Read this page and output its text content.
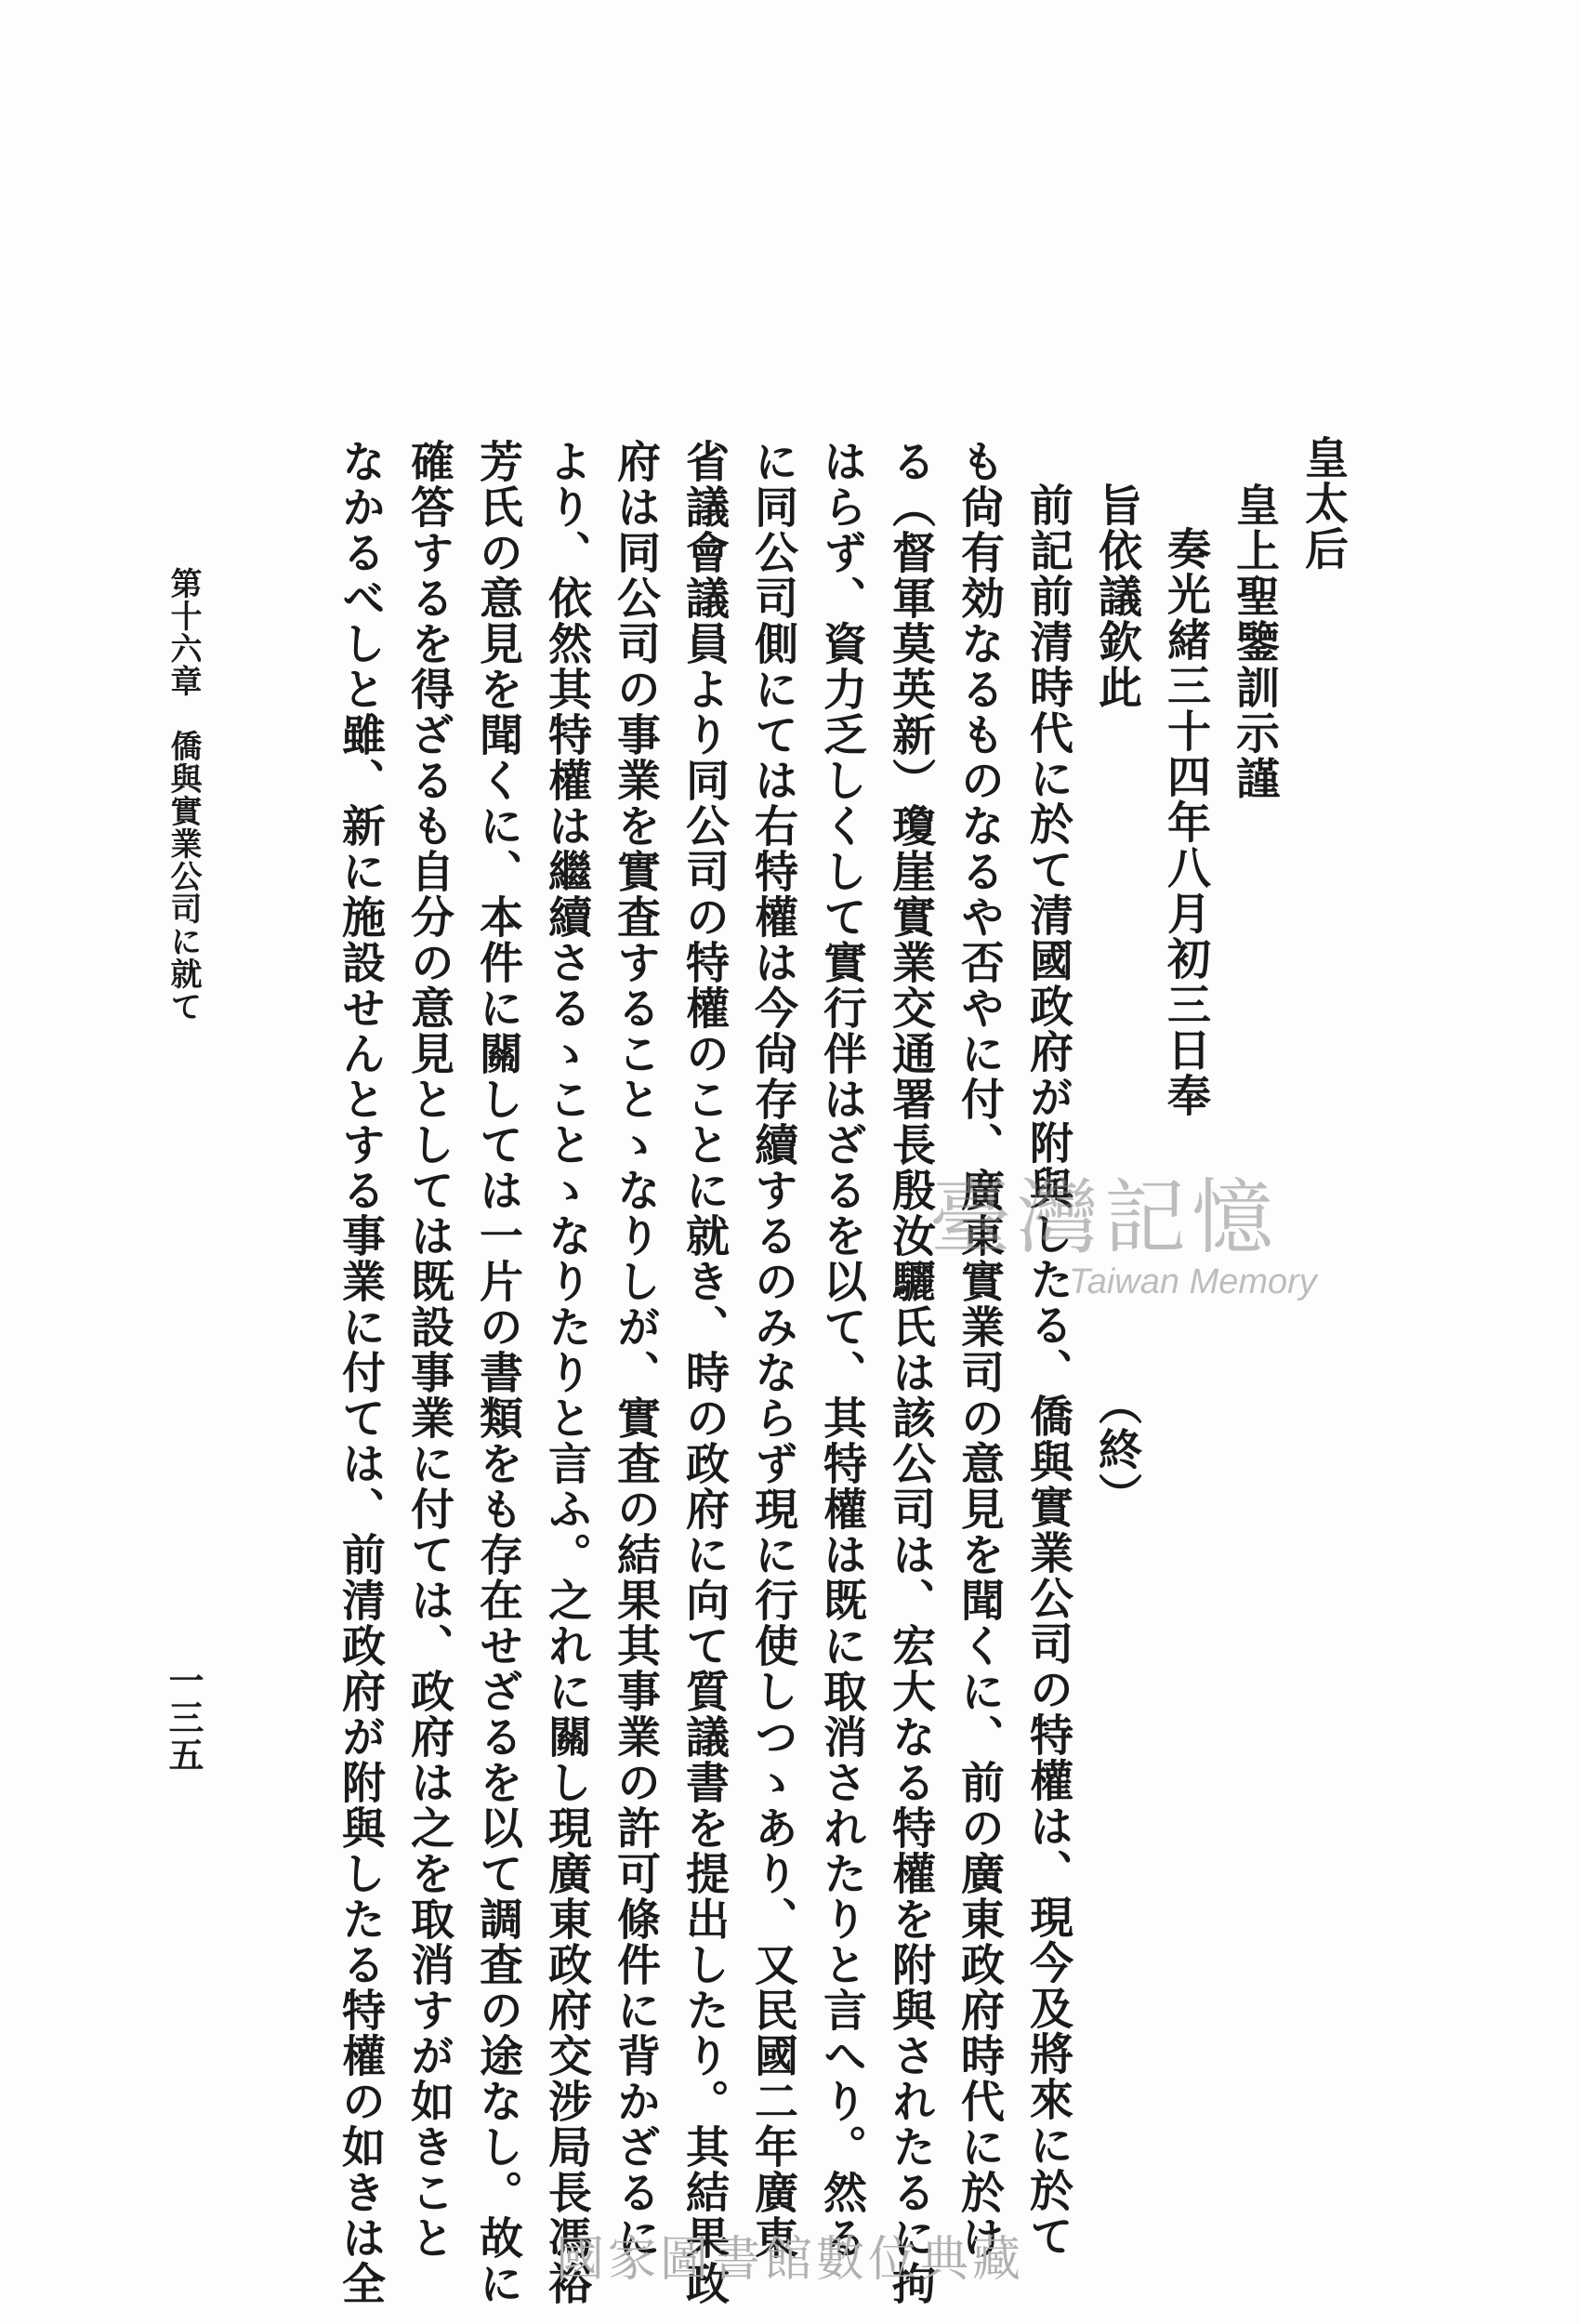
皇太后
皇上聖鑒訓示謹
奏光緒三十四年八月初三日奉
旨依議欽此
（終）
前記前清時代に於て清國政府が附與したる、僑與實業公司の特權は、現今及將來に於て
も尙有効なるものなるや否やに付、廣東實業司の意見を聞くに、前の廣東政府時代に於け
る（督軍莫英新）瓊崖實業交通署長殷汝驪氏は該公司は、宏大なる特權を附與されたるに拘
はらず、資力乏しくして實行伴はざるを以て、其特權は既に取消されたりと言へり。然る
に同公司側にては右特權は今尙存續するのみならず現に行使しつゝあり、又民國二年廣東
省議會議員より同公司の特權のことに就き、時の政府に向て質議書を提出したり。其結果政
府は同公司の事業を實査することゝなりしが、實査の結果其事業の許可條件に背かざるに
より、依然其特權は繼續さるゝことゝなりたりと言ふ。之れに關し現廣東政府交涉局長馮裕
芳氏の意見を聞くに、本件に關しては一片の書類をも存在せざるを以て調査の途なし。故に
確答するを得ざるも自分の意見としては既設事業に付ては、政府は之を取消すが如きこと
なかるべしと雖、新に施設せんとする事業に付ては、前清政府が附與したる特權の如きは全
第十六章　僑與實業公司に就て
一三五
臺灣記憶
Taiwan Memory
國家圖書館數位典藏
